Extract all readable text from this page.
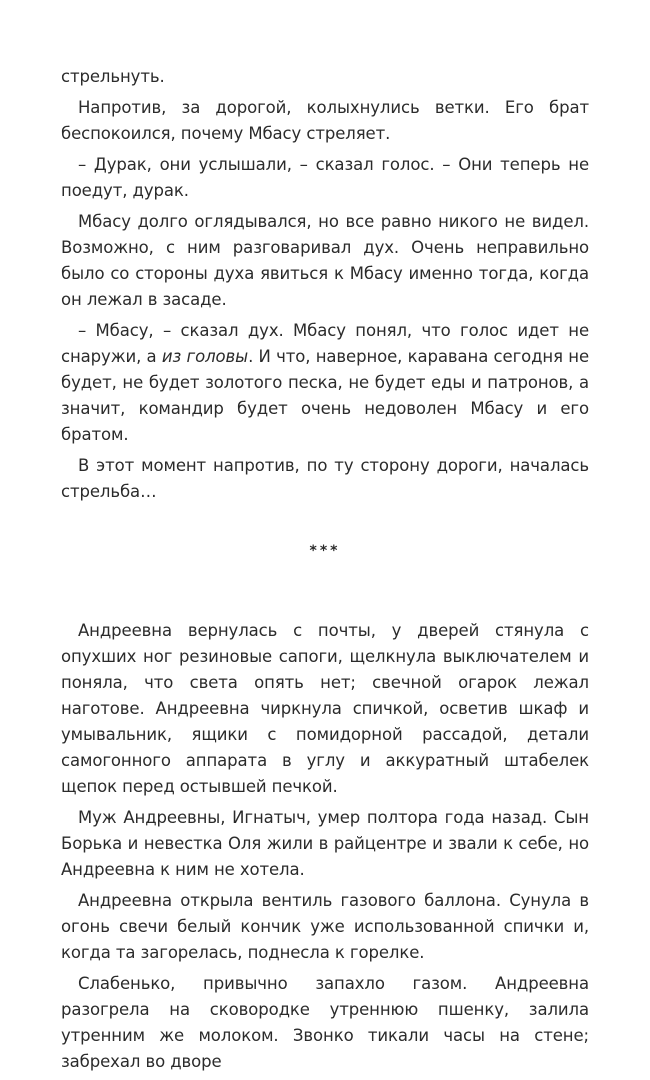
стрельнуть.

Напротив, за дорогой, колыхнулись ветки. Его брат беспокоился, почему Мбасу стреляет.

– Дурак, они услышали, – сказал голос. – Они теперь не поедут, дурак.

Мбасу долго оглядывался, но все равно никого не видел. Возможно, с ним разговаривал дух. Очень неправильно было со стороны духа явиться к Мбасу именно тогда, когда он лежал в засаде.

– Мбасу, – сказал дух. Мбасу понял, что голос идет не снаружи, а из головы. И что, наверное, каравана сегодня не будет, не будет золотого песка, не будет еды и патронов, а значит, командир будет очень недоволен Мбасу и его братом.

В этот момент напротив, по ту сторону дороги, началась стрельба…

***

Андреевна вернулась с почты, у дверей стянула с опухших ног резиновые сапоги, щелкнула выключателем и поняла, что света опять нет; свечной огарок лежал наготове. Андреевна чиркнула спичкой, осветив шкаф и умывальник, ящики с помидорной рассадой, детали самогонного аппарата в углу и аккуратный штабелек щепок перед остывшей печкой.

Муж Андреевны, Игнатыч, умер полтора года назад. Сын Борька и невестка Оля жили в райцентре и звали к себе, но Андреевна к ним не хотела.

Андреевна открыла вентиль газового баллона. Сунула в огонь свечи белый кончик уже использованной спички и, когда та загорелась, поднесла к горелке.

Слабенько, привычно запахло газом. Андреевна разогрела на сковородке утреннюю пшенку, залила утренним же молоком. Звонко тикали часы на стене; забрехал во дворе
